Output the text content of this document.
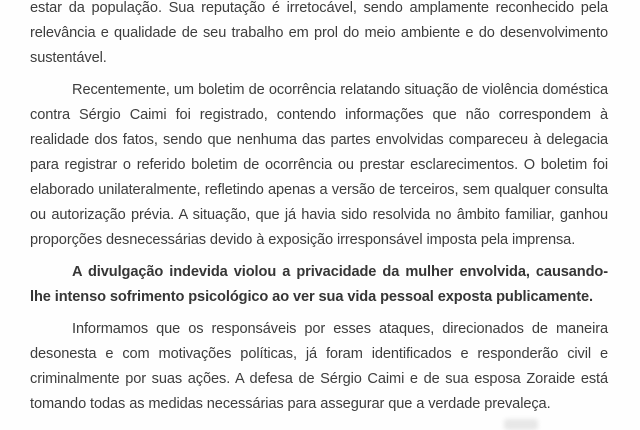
estar da população. Sua reputação é irretocável, sendo amplamente reconhecido pela relevância e qualidade de seu trabalho em prol do meio ambiente e do desenvolvimento sustentável.

Recentemente, um boletim de ocorrência relatando situação de violência doméstica contra Sérgio Caimi foi registrado, contendo informações que não correspondem à realidade dos fatos, sendo que nenhuma das partes envolvidas compareceu à delegacia para registrar o referido boletim de ocorrência ou prestar esclarecimentos. O boletim foi elaborado unilateralmente, refletindo apenas a versão de terceiros, sem qualquer consulta ou autorização prévia. A situação, que já havia sido resolvida no âmbito familiar, ganhou proporções desnecessárias devido à exposição irresponsável imposta pela imprensa.

A divulgação indevida violou a privacidade da mulher envolvida, causando-lhe intenso sofrimento psicológico ao ver sua vida pessoal exposta publicamente.

Informamos que os responsáveis por esses ataques, direcionados de maneira desonesta e com motivações políticas, já foram identificados e responderão civil e criminalmente por suas ações. A defesa de Sérgio Caimi e de sua esposa Zoraide está tomando todas as medidas necessárias para assegurar que a verdade prevaleça.
